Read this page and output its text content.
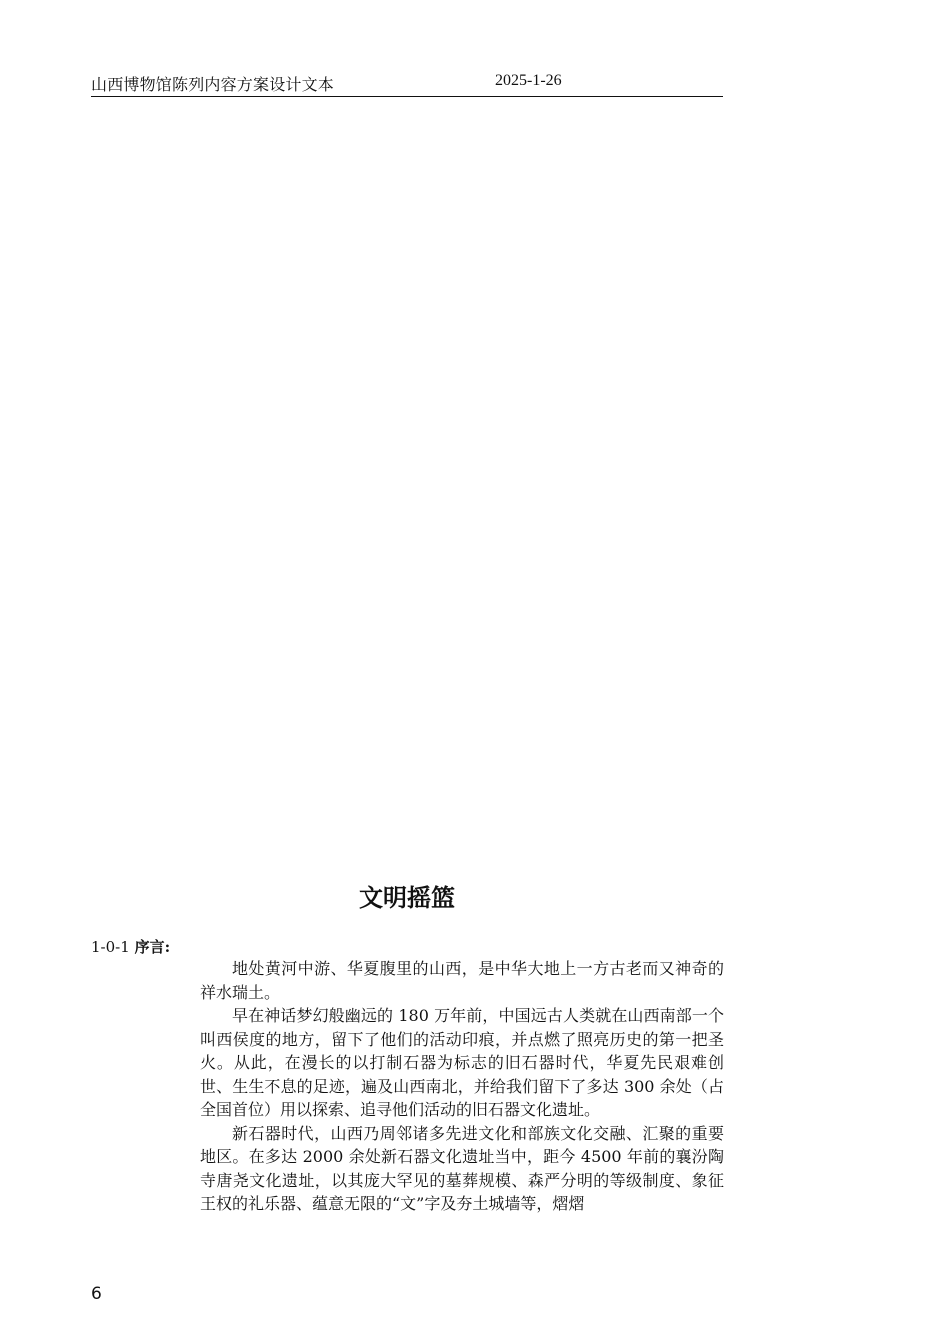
山西博物馆陈列内容方案设计文本	2025-1-26
文明摇篮
1-0-1 序言:

地处黄河中游、华夏腹里的山西，是中华大地上一方古老而又神奇的祥水瑞土。

早在神话梦幻般幽远的 180 万年前，中国远古人类就在山西南部一个叫西侯度的地方，留下了他们的活动印痕，并点燃了照亮历史的第一把圣火。从此，在漫长的以打制石器为标志的旧石器时代，华夏先民艰难创世、生生不息的足迹，遍及山西南北，并给我们留下了多达 300 余处（占全国首位）用以探索、追寻他们活动的旧石器文化遗址。

新石器时代，山西乃周邻诸多先进文化和部族文化交融、汇聚的重要地区。在多达 2000 余处新石器文化遗址当中，距今 4500 年前的襄汾陶寺唐尧文化遗址，以其庞大罕见的墓葬规模、森严分明的等级制度、象征王权的礼乐器、蕴意无限的“文”字及夯土城墙等，熠熠

6
